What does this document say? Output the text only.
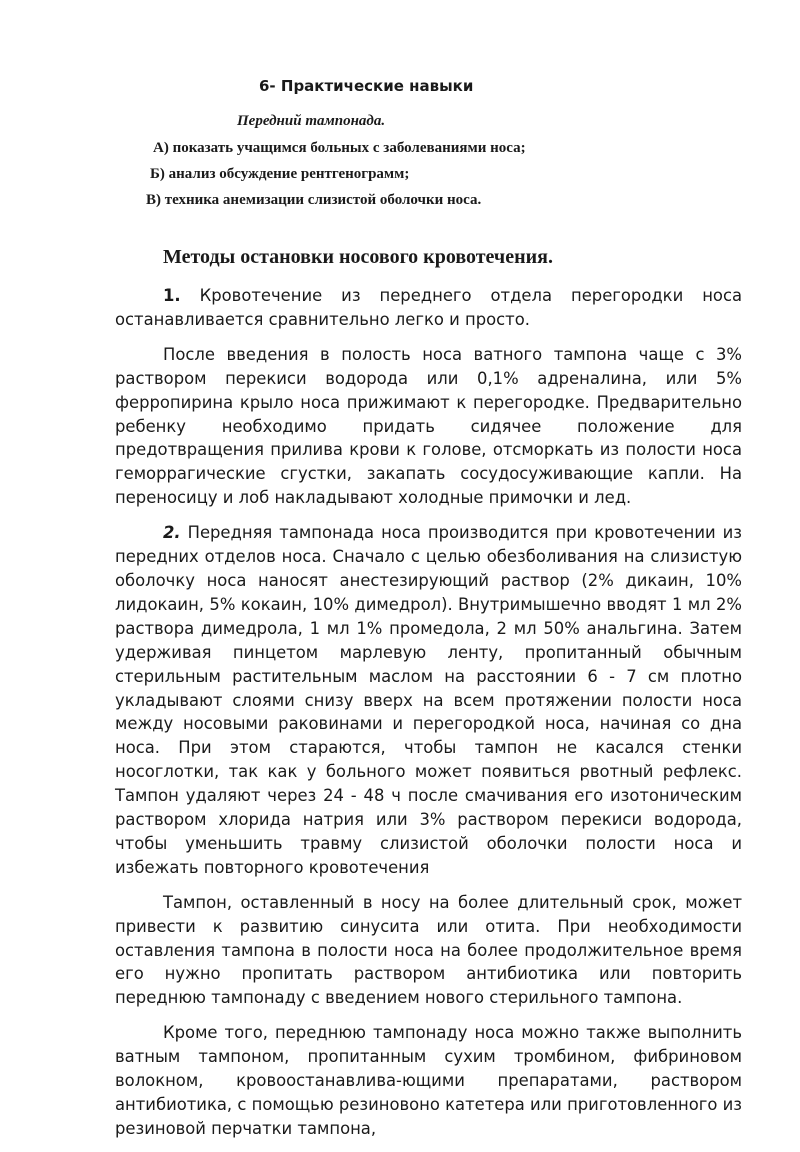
6- Практические навыки
Передний тампонада.
А) показать учащимся больных с заболеваниями носа;
Б) анализ обсуждение рентгенограмм;
В) техника анемизации слизистой оболочки носа.
Методы остановки носового кровотечения.

1. Кровотечение из переднего отдела перегородки носа останавливается сравнительно легко и просто.

После введения в полость носа ватного тампона чаще с 3% раствором перекиси водорода или 0,1% адреналина, или 5% ферропирина крыло носа прижимают к перегородке. Предварительно ребенку необходимо придать сидячее положение для предотвращения прилива крови к голове, отсморкать из полости носа геморрагические сгустки, закапать сосудосуживающие капли. На переносицу и лоб накладывают холодные примочки и лед.

2. Передняя тампонада носа производится при кровотечении из передних отделов носа. Сначало с целью обезболивания на слизистую оболочку носа наносят анестезирующий раствор (2% дикаин, 10% лидокаин, 5% кокаин, 10% димедрол). Внутримышечно вводят 1 мл 2% раствора димедрола, 1 мл 1% промедола, 2 мл 50% анальгина. Затем удерживая пинцетом марлевую ленту, пропитанный обычным стерильным растительным маслом на расстоянии 6 - 7 см плотно укладывают слоями снизу вверх на всем протяжении полости носа между носовыми раковинами и перегородкой носа, начиная со дна носа. При этом стараются, чтобы тампон не касался стенки носоглотки, так как у больного может появиться рвотный рефлекс. Тампон удаляют через 24 - 48 ч после смачивания его изотоническим раствором хлорида натрия или 3% раствором перекиси водорода, чтобы уменьшить травму слизистой оболочки полости носа и избежать повторного кровотечения

Тампон, оставленный в носу на более длительный срок, может привести к развитию синусита или отита. При необходимости оставления тампона в полости носа на более продолжительное время его нужно пропитать раствором антибиотика или повторить переднюю тампонаду с введением нового стерильного тампона.

Кроме того, переднюю тампонаду носа можно также выполнить ватным тампоном, пропитанным сухим тромбином, фибриновом волокном, кровоостанавлива-ющими препаратами, раствором антибиотика, с помощью резиновоно катетера или приготовленного из резиновой перчатки тампона,
